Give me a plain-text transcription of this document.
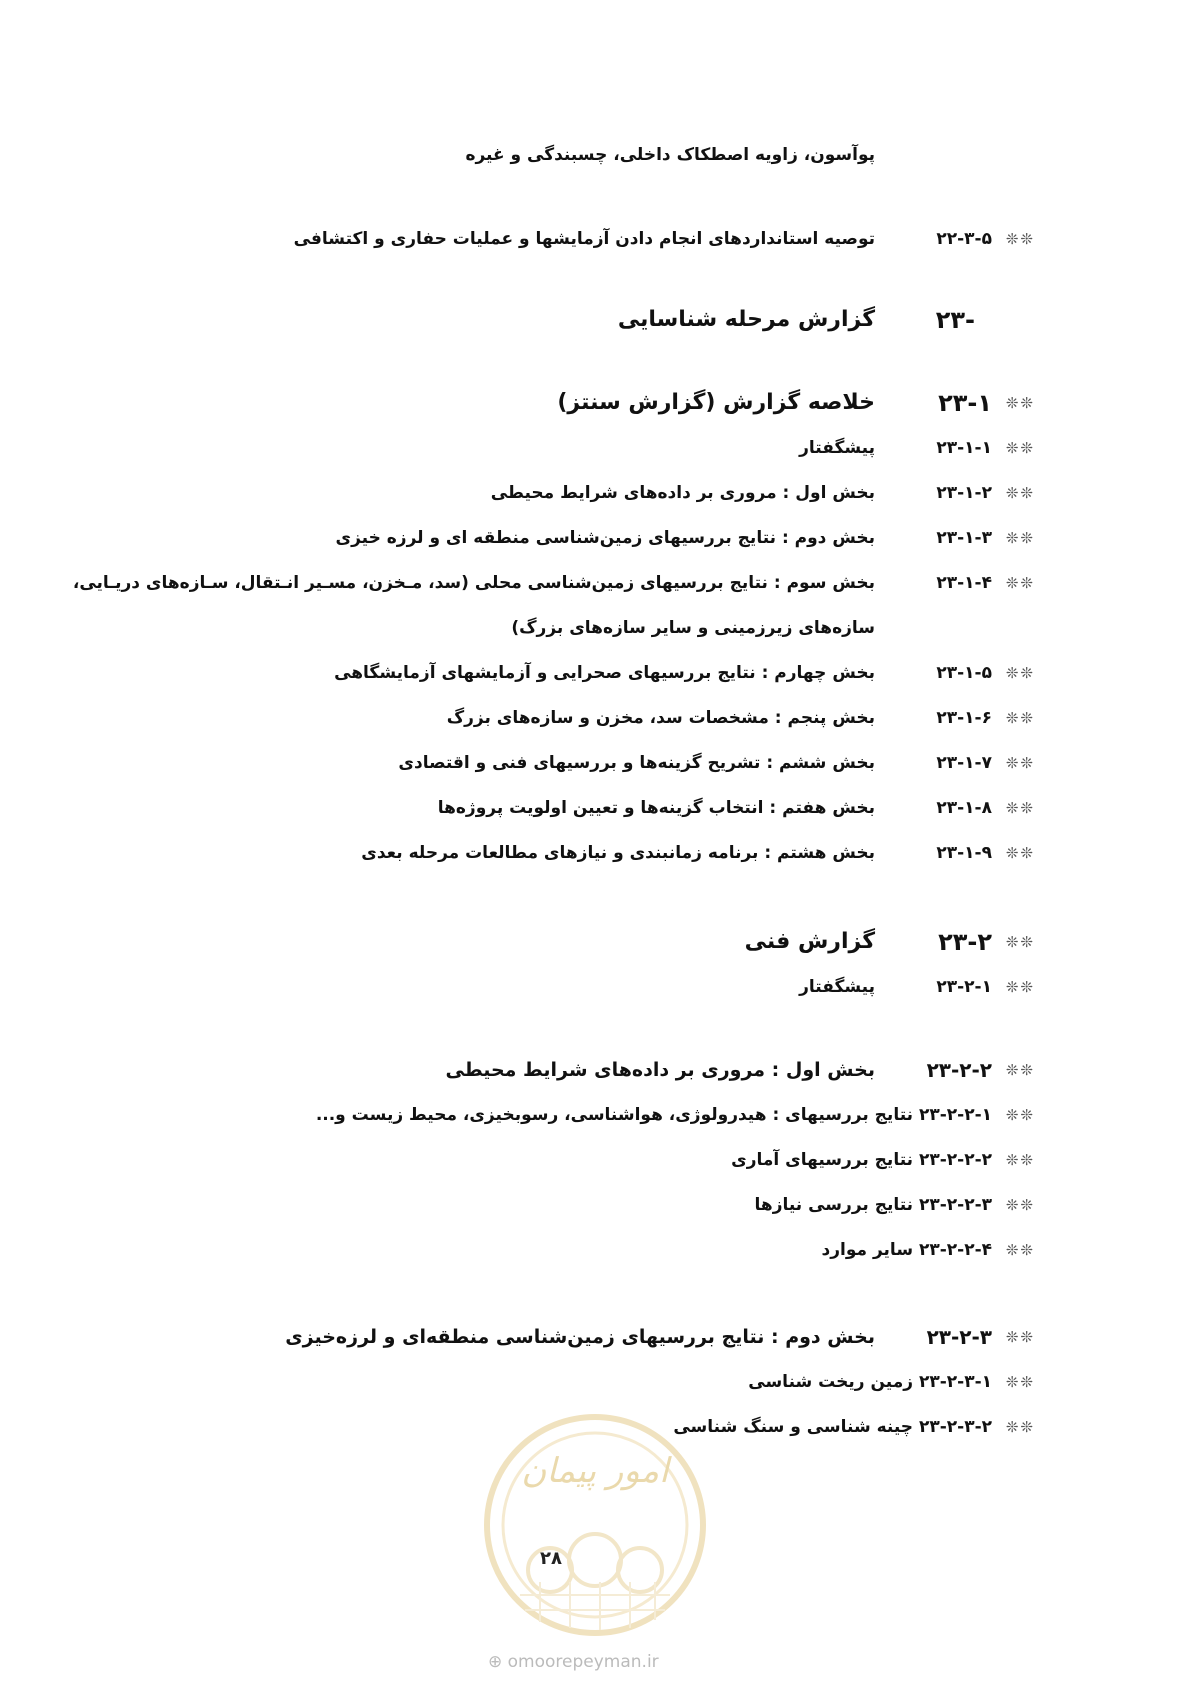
پوآسون، زاویه اصطکاک داخلی، چسبندگی و غیره
❊❊
۲۲-۳-۵
توصیه استانداردهای انجام دادن آزمایشها و عملیات حفاری و اکتشافی
-۲۳
گزارش مرحله شناسایی
❊❊
۲۳-۱
خلاصه گزارش (گزارش سنتز)
❊❊
۲۳-۱-۱
پیشگفتار
❊❊
۲۳-۱-۲
بخش اول : مروری بر داده‌های شرایط محیطی
❊❊
۲۳-۱-۳
بخش دوم : نتایج بررسیهای زمین‌شناسی منطقه ای و لرزه خیزی
❊❊
۲۳-۱-۴
بخش سوم : نتایج بررسیهای زمین‌شناسی محلی (سد، مـخزن، مسـیر انـتقال، سـازه‌های دریـایی،
سازه‌های زیرزمینی و سایر سازه‌های بزرگ)
❊❊
۲۳-۱-۵
بخش چهارم : نتایج بررسیهای صحرایی و آزمایشهای آزمایشگاهی
❊❊
۲۳-۱-۶
بخش پنجم : مشخصات سد، مخزن و سازه‌های بزرگ
❊❊
۲۳-۱-۷
بخش ششم : تشریح گزینه‌ها و بررسیهای فنی و اقتصادی
❊❊
۲۳-۱-۸
بخش هفتم : انتخاب گزینه‌ها و تعیین اولویت پروژه‌ها
❊❊
۲۳-۱-۹
بخش هشتم : برنامه زمانبندی و نیازهای مطالعات مرحله بعدی
❊❊
۲۳-۲
گزارش فنی
❊❊
۲۳-۲-۱
پیشگفتار
❊❊
۲۳-۲-۲
بخش اول : مروری بر داده‌های شرایط محیطی
❊❊
۲۳-۲-۲-۱ نتایج بررسیهای : هیدرولوژی، هواشناسی، رسوبخیزی، محیط زیست و...
❊❊
۲۳-۲-۲-۲ نتایج بررسیهای آماری
❊❊
۲۳-۲-۲-۳ نتایج بررسی نیازها
❊❊
۲۳-۲-۲-۴ سایر موارد
❊❊
۲۳-۲-۳
بخش دوم : نتایج بررسیهای زمین‌شناسی منطقه‌ای و لرزه‌خیزی
❊❊
۲۳-۲-۳-۱ زمین ریخت شناسی
❊❊
۲۳-۲-۳-۲ چینه شناسی و سنگ شناسی
امور پیمان
۲۸
⊕ omoorepeyman.ir
